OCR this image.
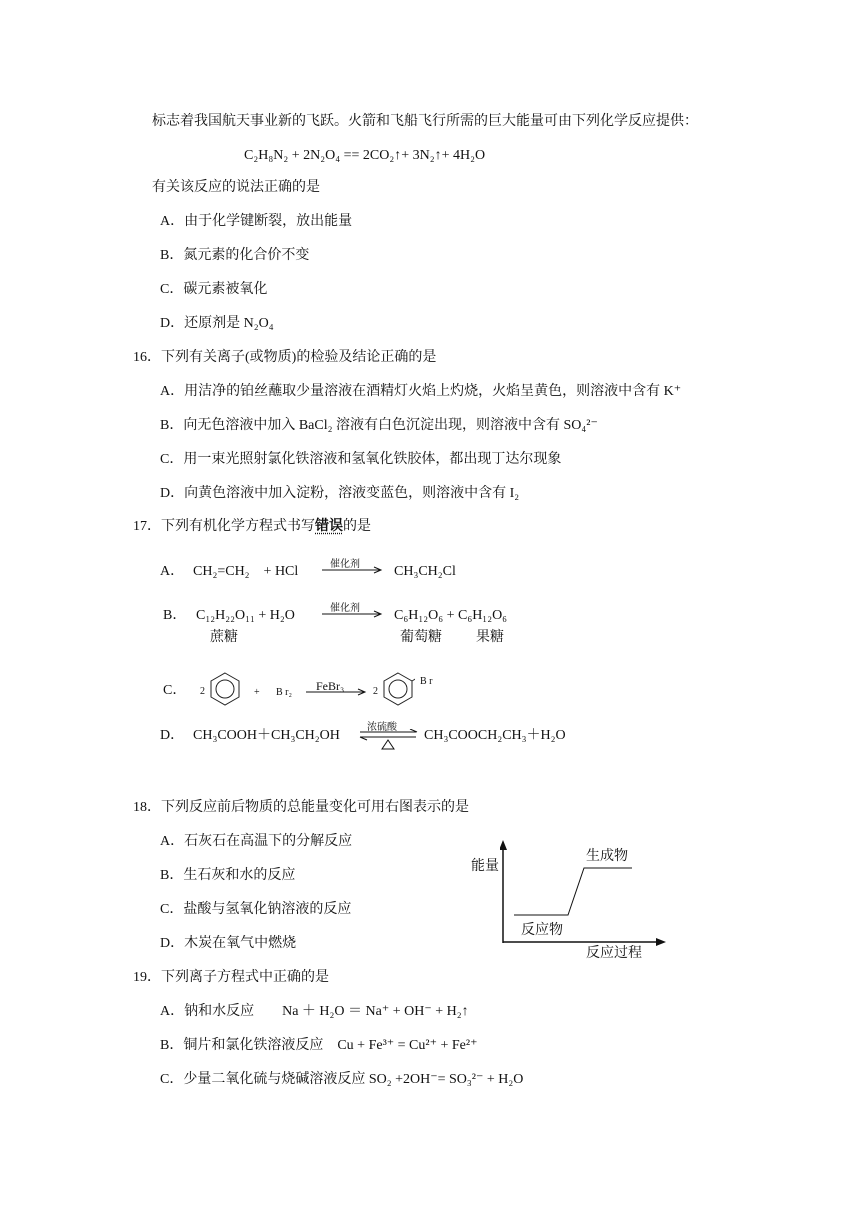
标志着我国航天事业新的飞跃。火箭和飞船飞行所需的巨大能量可由下列化学反应提供：
C₂H₈N₂ + 2N₂O₄ == 2CO₂↑+ 3N₂↑+ 4H₂O
有关该反应的说法正确的是
A．由于化学键断裂，放出能量
B．氮元素的化合价不变
C．碳元素被氧化
D．还原剂是 N₂O₄
16．下列有关离子(或物质)的检验及结论正确的是
A．用洁净的铂丝蘸取少量溶液在酒精灯火焰上灼烧，火焰呈黄色，则溶液中含有 K⁺
B．向无色溶液中加入 BaCl₂ 溶液有白色沉淀出现，则溶液中含有 SO₄²⁻
C．用一束光照射氯化铁溶液和氢氧化铁胶体，都出现丁达尔现象
D．向黄色溶液中加入淀粉，溶液变蓝色，则溶液中含有 I₂
17．下列有机化学方程式书写错误的是
A． CH₂=CH₂　+ HCl	催化剂 CH₃CH₂Cl
B． C₁₂H₂₂O₁₁ + H₂O	催化剂 C₆H₁₂O₆ + C₆H₁₂O₆
蔗糖	葡萄糖 果糖
C． 2	+ B r₂ FeBr₃	2
B r
D． CH₃COOH＋CH₃CH₂OH
浓硫酸
CH₃COOCH₂CH₃＋H₂O
18．下列反应前后物质的总能量变化可用右图表示的是
A．石灰石在高温下的分解反应
B．生石灰和水的反应
C．盐酸与氢氧化钠溶液的反应
D．木炭在氧气中燃烧
能量
生成物
反应物
反应过程
19．下列离子方程式中正确的是
A．钠和水反应　　Na ＋ H₂O ＝ Na⁺ + OH⁻ + H₂↑
B．铜片和氯化铁溶液反应　Cu + Fe³⁺ = Cu²⁺ + Fe²⁺
C．少量二氧化硫与烧碱溶液反应 SO₂ +2OH⁻= SO₃²⁻ + H₂O
